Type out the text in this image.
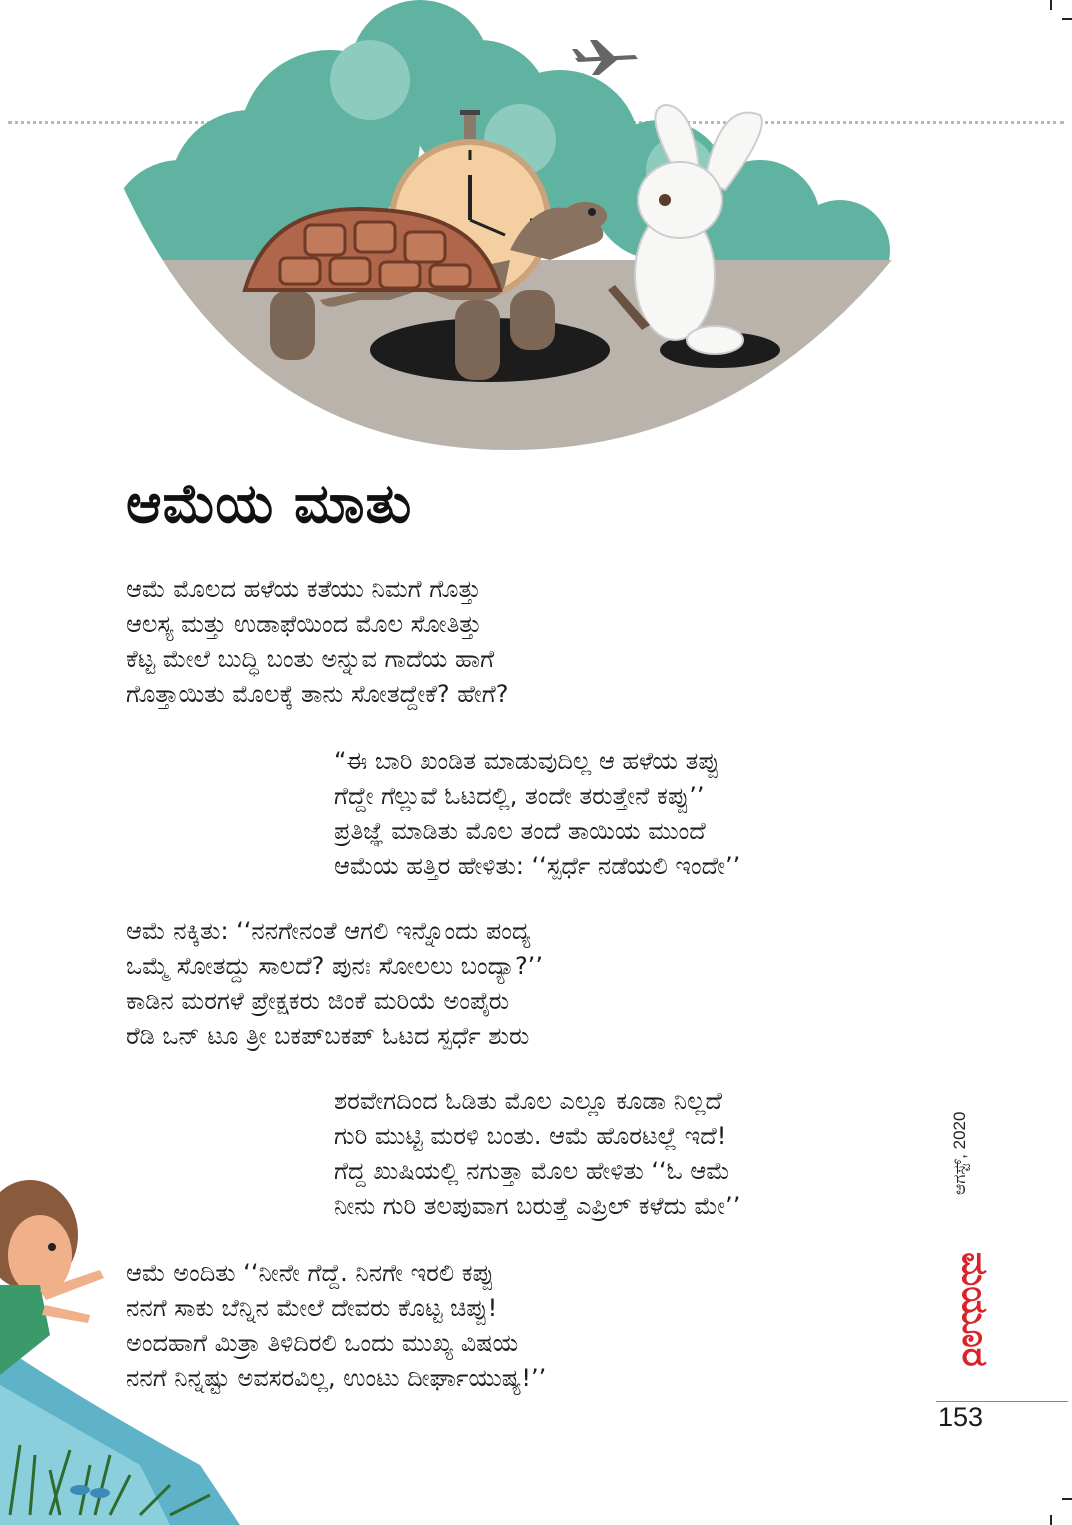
ಆಮೆಯ ಮಾತು
ಆಮೆ ಮೊಲದ ಹಳೆಯ ಕತೆಯು ನಿಮಗೆ ಗೊತ್ತು
ಆಲಸ್ಯ ಮತ್ತು ಉಡಾಫೆಯಿಂದ ಮೊಲ ಸೋತಿತ್ತು
ಕೆಟ್ಟ ಮೇಲೆ ಬುದ್ಧಿ ಬಂತು ಅನ್ನುವ ಗಾದೆಯ ಹಾಗೆ
ಗೊತ್ತಾಯಿತು ಮೊಲಕ್ಕೆ ತಾನು ಸೋತದ್ದೇಕೆ? ಹೇಗೆ?
“ಈ ಬಾರಿ ಖಂಡಿತ ಮಾಡುವುದಿಲ್ಲ ಆ ಹಳೆಯ ತಪ್ಪು
ಗೆದ್ದೇ ಗೆಲ್ಲುವೆ ಓಟದಲ್ಲಿ, ತಂದೇ ತರುತ್ತೇನೆ ಕಪ್ಪು’’
ಪ್ರತಿಜ್ಞೆ ಮಾಡಿತು ಮೊಲ ತಂದೆ ತಾಯಿಯ ಮುಂದೆ
ಆಮೆಯ ಹತ್ತಿರ ಹೇಳಿತು: ‘‘ಸ್ಪರ್ಧೆ ನಡೆಯಲಿ ಇಂದೇ’’
ಆಮೆ ನಕ್ಕಿತು: ‘‘ನನಗೇನಂತೆ ಆಗಲಿ ಇನ್ನೊಂದು ಪಂದ್ಯ
ಒಮ್ಮೆ ಸೋತದ್ದು ಸಾಲದೆ? ಪುನಃ ಸೋಲಲು ಬಂದ್ಯಾ?’’
ಕಾಡಿನ ಮರಗಳೆ ಪ್ರೇಕ್ಷಕರು ಜಿಂಕೆ ಮರಿಯೆ ಅಂಪೈರು
ರೆಡಿ ಒನ್ ಟೂ ತ್ರೀ ಬಕಪ್‌ಬಕಪ್ ಓಟದ ಸ್ಪರ್ಧೆ ಶುರು
ಶರವೇಗದಿಂದ ಓಡಿತು ಮೊಲ ಎಲ್ಲೂ ಕೂಡಾ ನಿಲ್ಲದೆ
ಗುರಿ ಮುಟ್ಟಿ ಮರಳಿ ಬಂತು. ಆಮೆ ಹೊರಟಲ್ಲೆ ಇದೆ!
ಗೆದ್ದ ಖುಷಿಯಲ್ಲಿ ನಗುತ್ತಾ ಮೊಲ ಹೇಳಿತು ‘‘ಓ ಆಮೆ
ನೀನು ಗುರಿ ತಲಪುವಾಗ ಬರುತ್ತೆ ಎಪ್ರಿಲ್ ಕಳೆದು ಮೇ’’
ಆಮೆ ಅಂದಿತು ‘‘ನೀನೇ ಗೆದ್ದೆ. ನಿನಗೇ ಇರಲಿ ಕಪ್ಪು
ನನಗೆ ಸಾಕು ಬೆನ್ನಿನ ಮೇಲೆ ದೇವರು ಕೊಟ್ಟ ಚಿಪ್ಪು!
ಅಂದಹಾಗೆ ಮಿತ್ರಾ ತಿಳಿದಿರಲಿ ಒಂದು ಮುಖ್ಯ ವಿಷಯ
ನನಗೆ ನಿನ್ನಷ್ಟು ಅವಸರವಿಲ್ಲ, ಉಂಟು ದೀರ್ಘಾಯುಷ್ಯ!’’
ಮಯೂರ
ಆಗಸ್ಟ್, 2020
153
